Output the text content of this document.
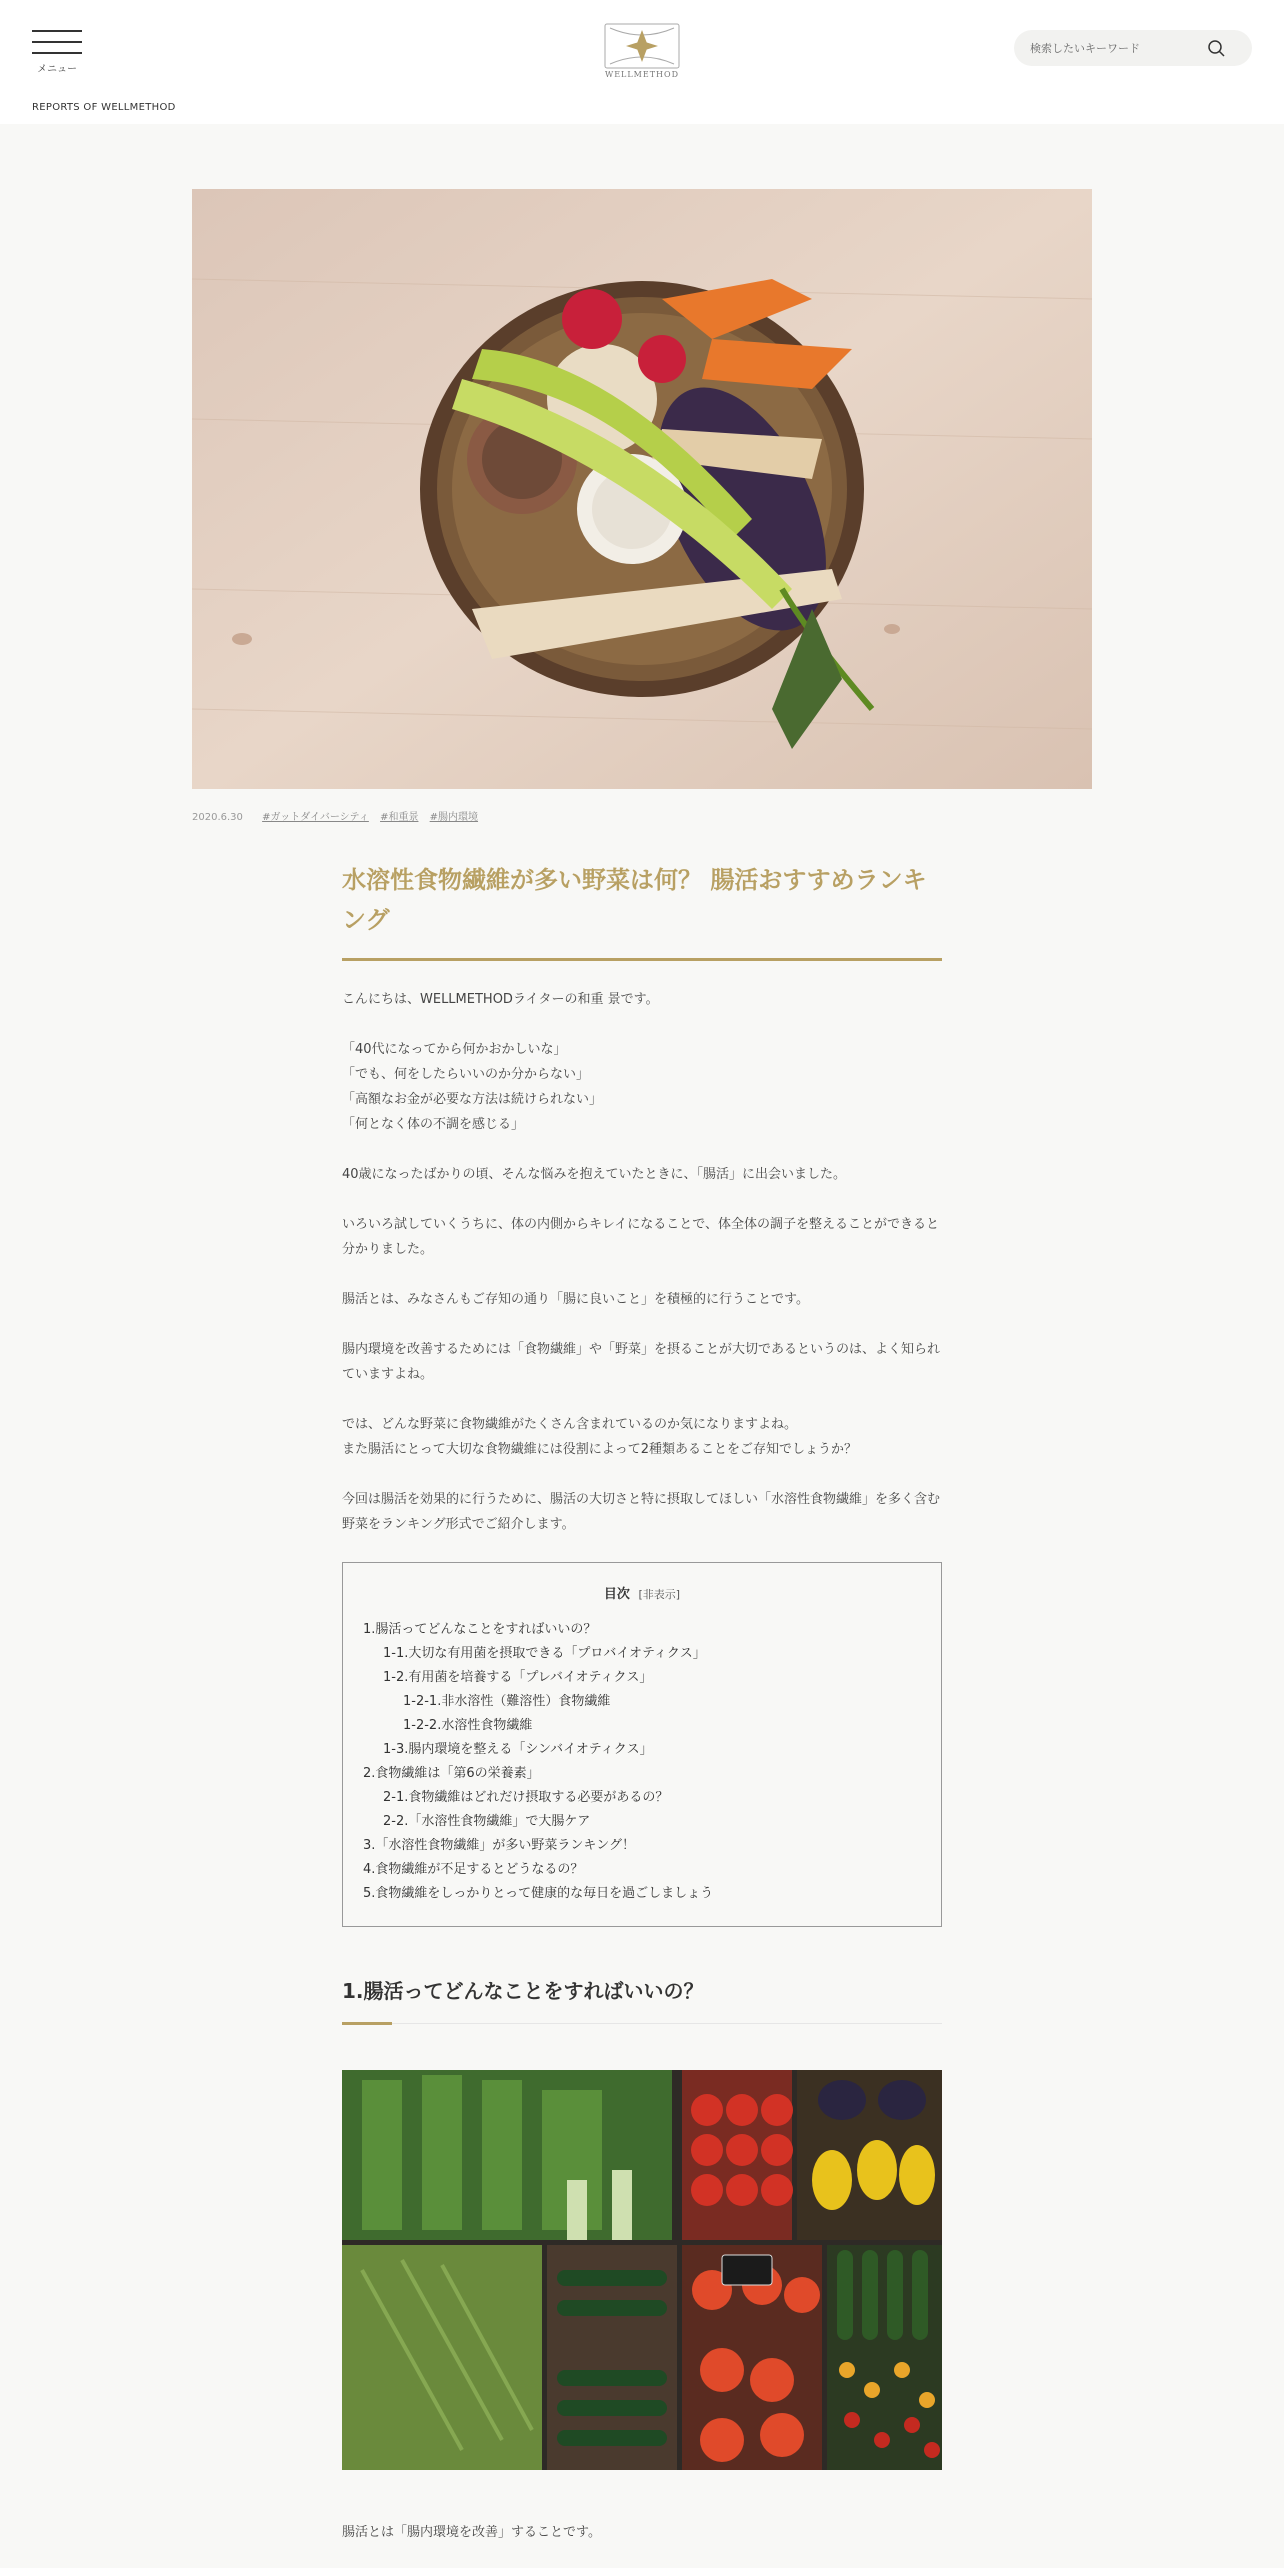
メニュー	WELLMETHOD
検索したいキーワード
REPORTS OF WELLMETHOD
2020.6.30 #ガットダイバーシティ #和重景 #腸内環境
水溶性食物繊維が多い野菜は何？ 腸活おすすめランキング

こんにちは、WELLMETHODライターの和重 景です。

「40代になってから何かおかしいな」
「でも、何をしたらいいのか分からない」
「高額なお金が必要な方法は続けられない」
「何となく体の不調を感じる」

40歳になったばかりの頃、そんな悩みを抱えていたときに、「腸活」に出会いました。

いろいろ試していくうちに、体の内側からキレイになることで、体全体の調子を整えることができると分かりました。

腸活とは、みなさんもご存知の通り「腸に良いこと」を積極的に行うことです。

腸内環境を改善するためには「食物繊維」や「野菜」を摂ることが大切であるというのは、よく知られていますよね。

では、どんな野菜に食物繊維がたくさん含まれているのか気になりますよね。
また腸活にとって大切な食物繊維には役割によって2種類あることをご存知でしょうか？

今回は腸活を効果的に行うために、腸活の大切さと特に摂取してほしい「水溶性食物繊維」を多く含む野菜をランキング形式でご紹介します。

目次 [非表示]
1.腸活ってどんなことをすればいいの？
1-1.大切な有用菌を摂取できる「プロバイオティクス」
1-2.有用菌を培養する「プレバイオティクス」
1-2-1.非水溶性（難溶性）食物繊維
1-2-2.水溶性食物繊維
1-3.腸内環境を整える「シンバイオティクス」
2.食物繊維は「第6の栄養素」
2-1.食物繊維はどれだけ摂取する必要があるの？
2-2.「水溶性食物繊維」で大腸ケア
3.「水溶性食物繊維」が多い野菜ランキング！
4.食物繊維が不足するとどうなるの？
5.食物繊維をしっかりとって健康的な毎日を過ごしましょう
1.腸活ってどんなことをすればいいの？

腸活とは「腸内環境を改善」することです。
